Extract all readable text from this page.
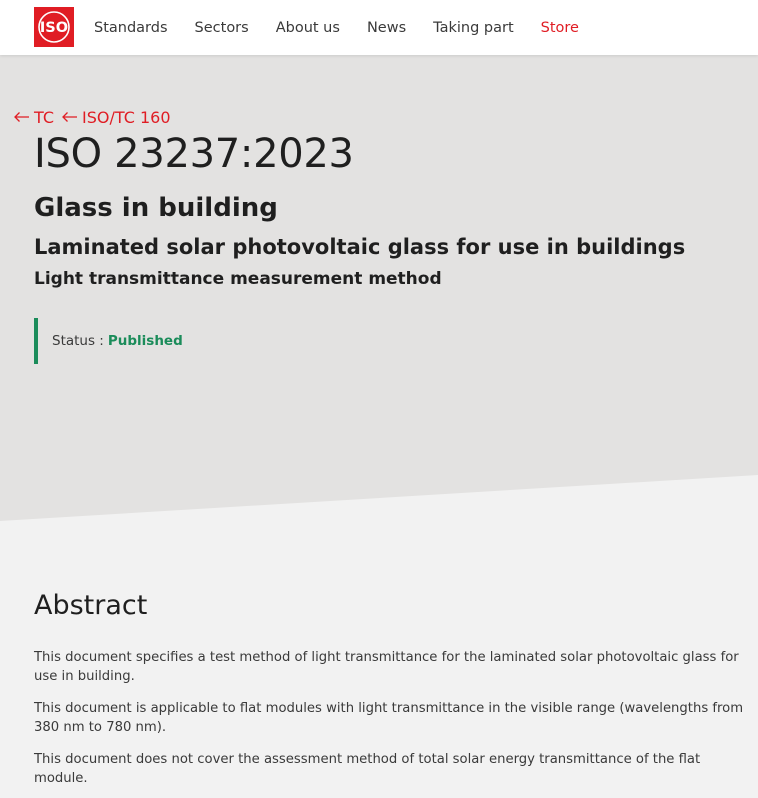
ISO Standards Sectors About us News Taking part Store
TC ISO/TC 160
ISO 23237:2023
Glass in building
Laminated solar photovoltaic glass for use in buildings
Light transmittance measurement method
Status : Published
Abstract

This document specifies a test method of light transmittance for the laminated solar photovoltaic glass for use in building.

This document is applicable to flat modules with light transmittance in the visible range (wavelengths from 380 nm to 780 nm).

This document does not cover the assessment method of total solar energy transmittance of the flat module.
